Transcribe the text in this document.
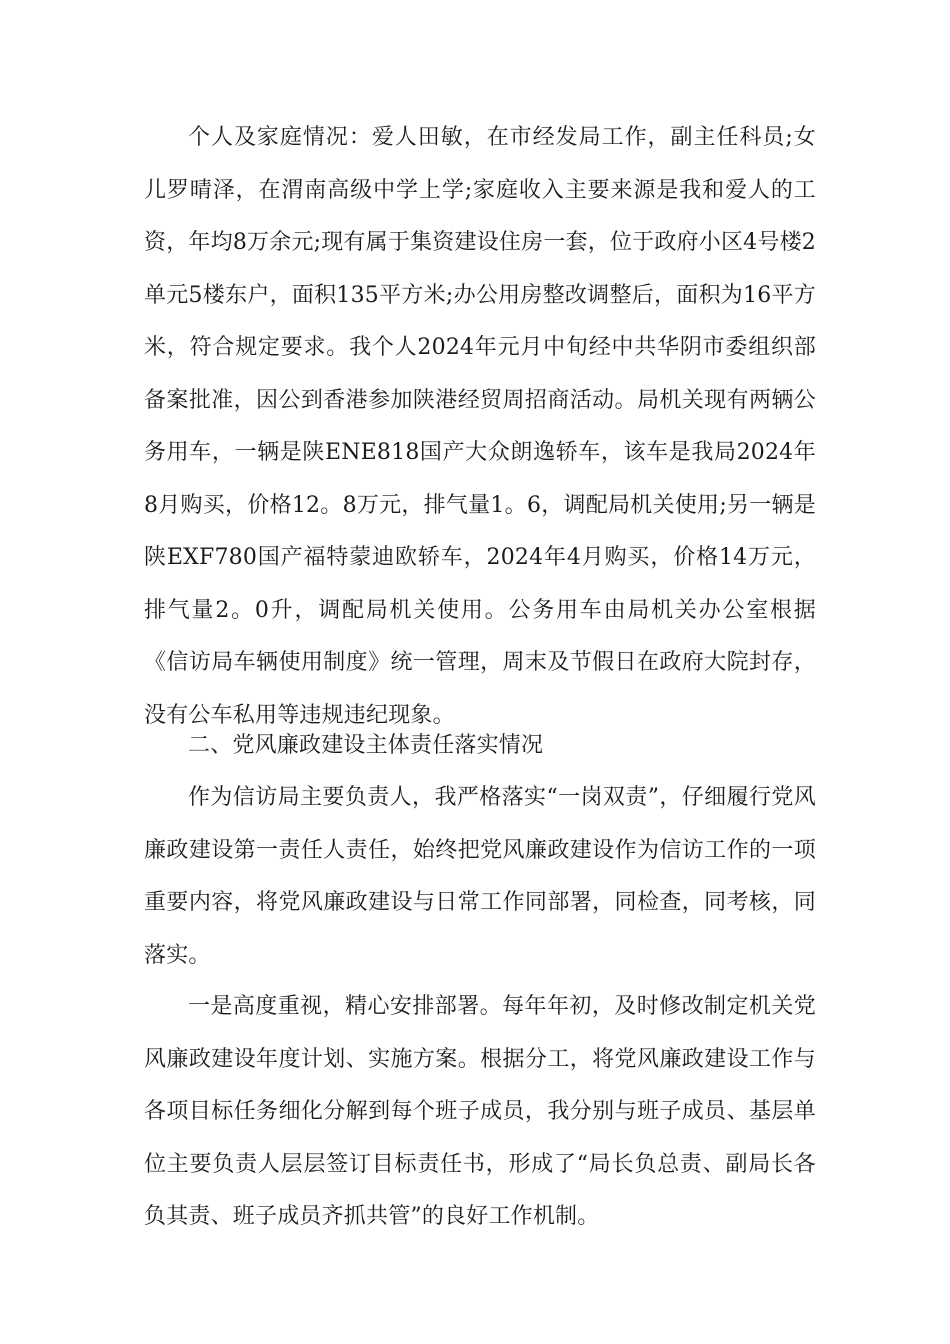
个人及家庭情况：爱人田敏，在市经发局工作，副主任科员;女儿罗晴泽，在渭南高级中学上学;家庭收入主要来源是我和爱人的工资，年均8万余元;现有属于集资建设住房一套，位于政府小区4号楼2单元5楼东户，面积135平方米;办公用房整改调整后，面积为16平方米，符合规定要求。我个人2024年元月中旬经中共华阴市委组织部备案批准，因公到香港参加陕港经贸周招商活动。局机关现有两辆公务用车，一辆是陕ENE818国产大众朗逸轿车，该车是我局2024年8月购买，价格12。8万元，排气量1。6，调配局机关使用;另一辆是陕EXF780国产福特蒙迪欧轿车，2024年4月购买，价格14万元，排气量2。0升，调配局机关使用。公务用车由局机关办公室根据《信访局车辆使用制度》统一管理，周末及节假日在政府大院封存，没有公车私用等违规违纪现象。

二、党风廉政建设主体责任落实情况

作为信访局主要负责人，我严格落实“一岗双责”，仔细履行党风廉政建设第一责任人责任，始终把党风廉政建设作为信访工作的一项重要内容，将党风廉政建设与日常工作同部署，同检查，同考核，同落实。

一是高度重视，精心安排部署。每年年初，及时修改制定机关党风廉政建设年度计划、实施方案。根据分工，将党风廉政建设工作与各项目标任务细化分解到每个班子成员，我分别与班子成员、基层单位主要负责人层层签订目标责任书，形成了“局长负总责、副局长各负其责、班子成员齐抓共管”的良好工作机制。
